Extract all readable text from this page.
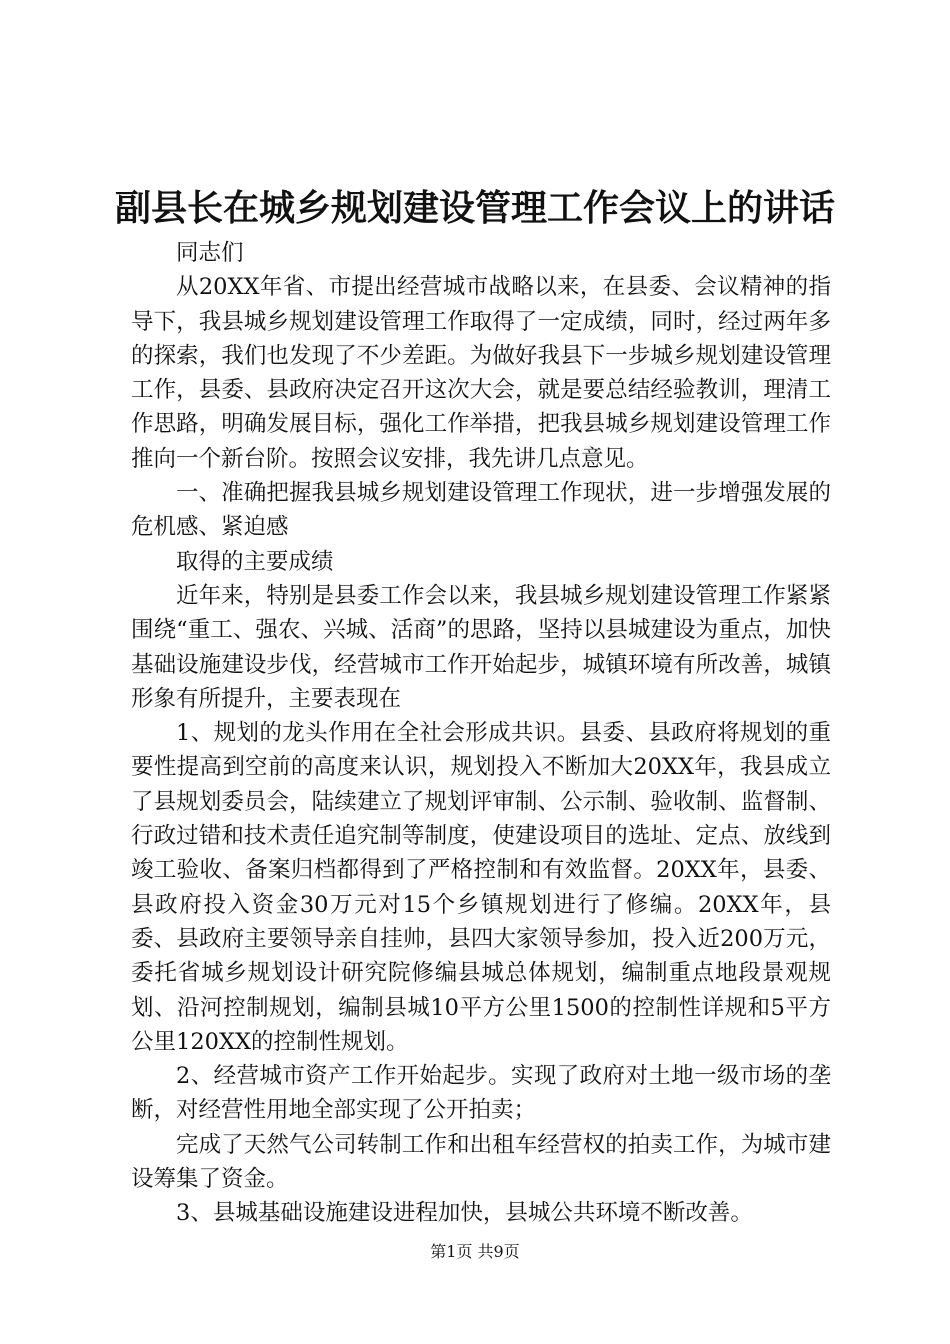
副县长在城乡规划建设管理工作会议上的讲话

同志们

从20XX年省、市提出经营城市战略以来，在县委、会议精神的指导下，我县城乡规划建设管理工作取得了一定成绩，同时，经过两年多的探索，我们也发现了不少差距。为做好我县下一步城乡规划建设管理工作，县委、县政府决定召开这次大会，就是要总结经验教训，理清工作思路，明确发展目标，强化工作举措，把我县城乡规划建设管理工作推向一个新台阶。按照会议安排，我先讲几点意见。

一、准确把握我县城乡规划建设管理工作现状，进一步增强发展的危机感、紧迫感

取得的主要成绩

近年来，特别是县委工作会以来，我县城乡规划建设管理工作紧紧围绕“重工、强农、兴城、活商”的思路，坚持以县城建设为重点，加快基础设施建设步伐，经营城市工作开始起步，城镇环境有所改善，城镇形象有所提升，主要表现在

1、规划的龙头作用在全社会形成共识。县委、县政府将规划的重要性提高到空前的高度来认识，规划投入不断加大20XX年，我县成立了县规划委员会，陆续建立了规划评审制、公示制、验收制、监督制、行政过错和技术责任追究制等制度，使建设项目的选址、定点、放线到竣工验收、备案归档都得到了严格控制和有效监督。20XX年，县委、县政府投入资金30万元对15个乡镇规划进行了修编。20XX年，县委、县政府主要领导亲自挂帅，县四大家领导参加，投入近200万元，委托省城乡规划设计研究院修编县城总体规划，编制重点地段景观规划、沿河控制规划，编制县城10平方公里1500的控制性详规和5平方公里120XX的控制性规划。

2、经营城市资产工作开始起步。实现了政府对土地一级市场的垄断，对经营性用地全部实现了公开拍卖；

完成了天然气公司转制工作和出租车经营权的拍卖工作，为城市建设筹集了资金。

3、县城基础设施建设进程加快，县城公共环境不断改善。

第1页 共9页
